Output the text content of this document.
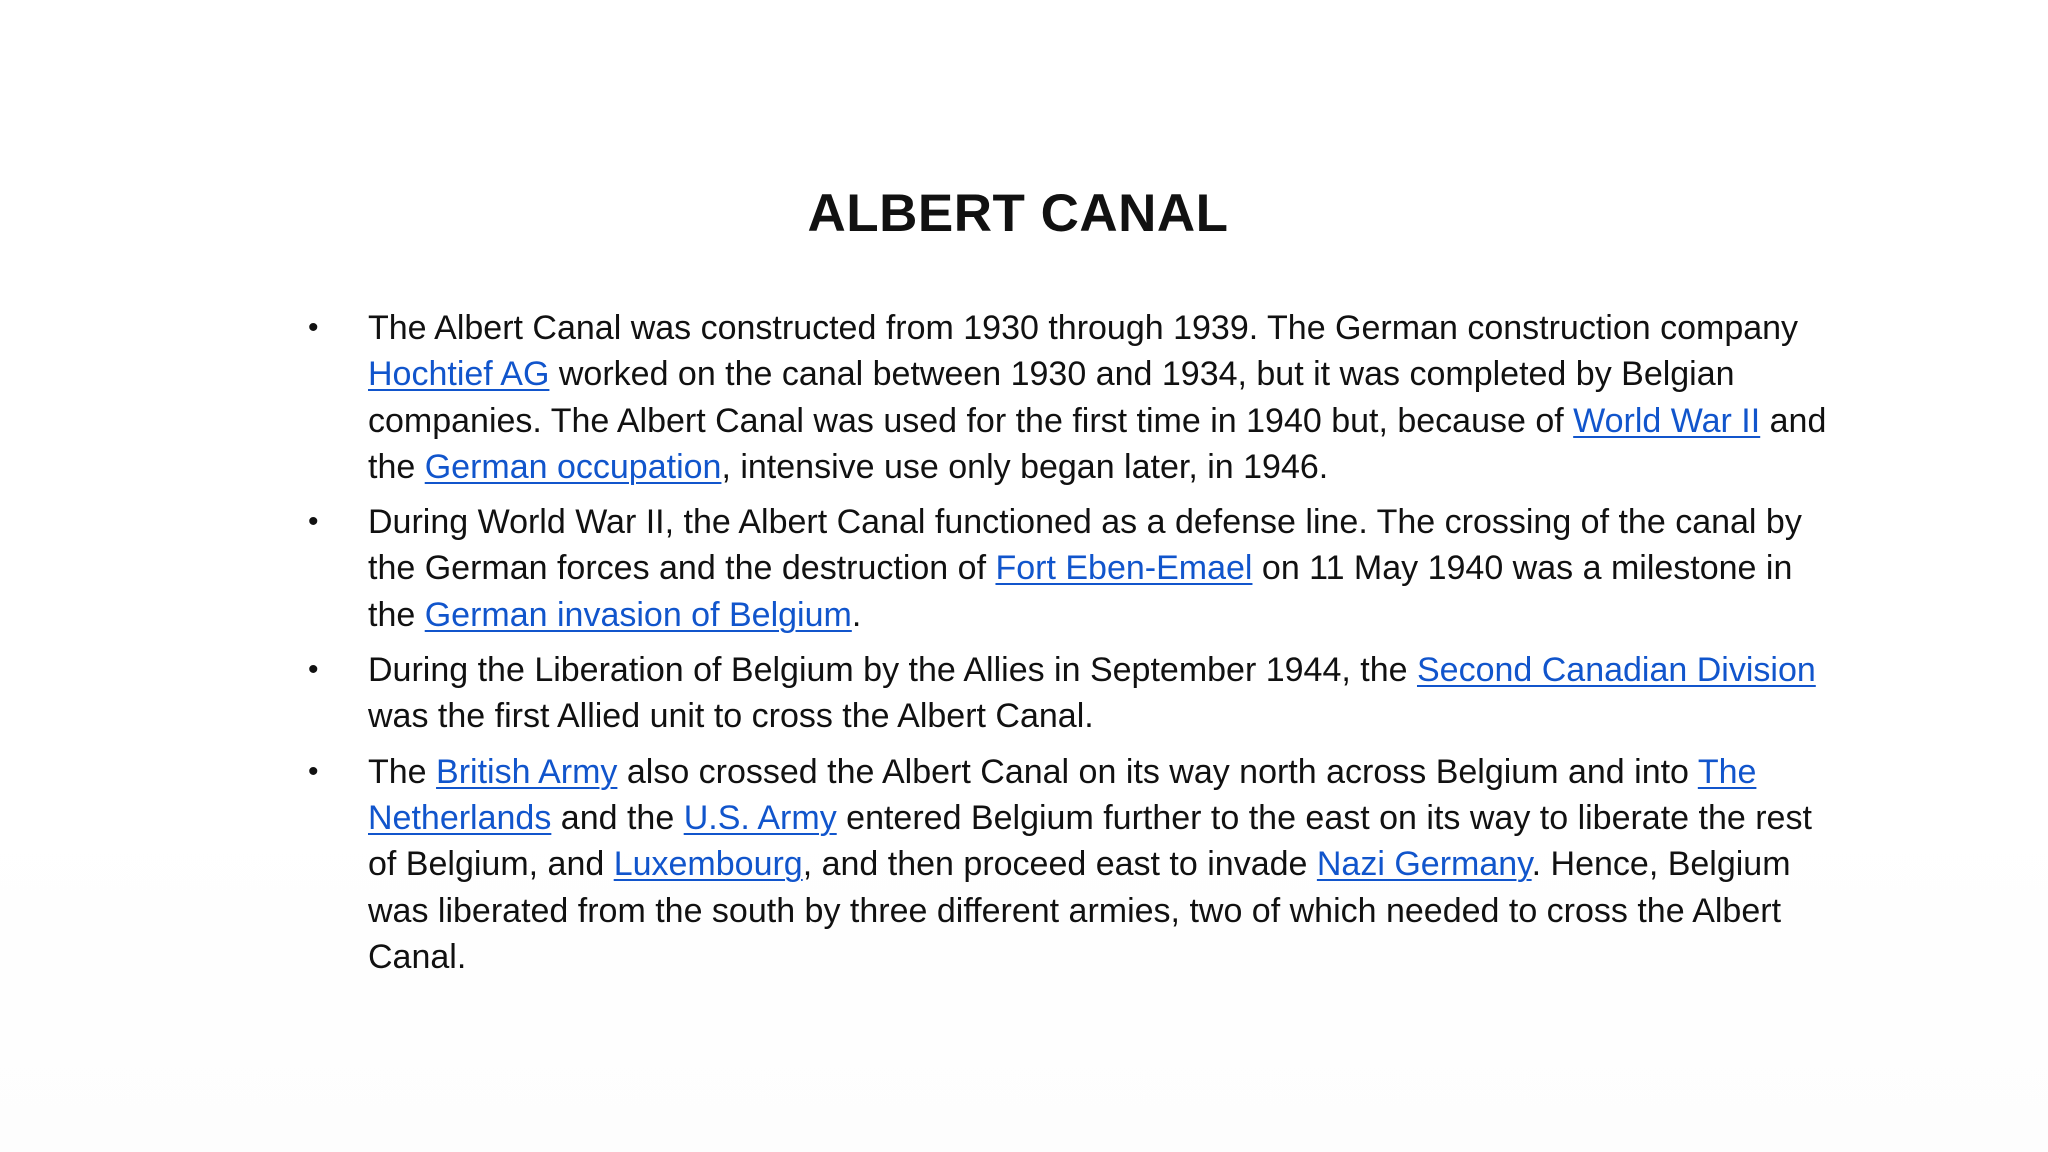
ALBERT CANAL
• The Albert Canal was constructed from 1930 through 1939. The German construction company Hochtief AG worked on the canal between 1930 and 1934, but it was completed by Belgian companies. The Albert Canal was used for the first time in 1940 but, because of World War II and the German occupation, intensive use only began later, in 1946.
• During World War II, the Albert Canal functioned as a defense line. The crossing of the canal by the German forces and the destruction of Fort Eben-Emael on 11 May 1940 was a milestone in the German invasion of Belgium.
• During the Liberation of Belgium by the Allies in September 1944, the Second Canadian Division was the first Allied unit to cross the Albert Canal.
• The British Army also crossed the Albert Canal on its way north across Belgium and into The Netherlands and the U.S. Army entered Belgium further to the east on its way to liberate the rest of Belgium, and Luxembourg, and then proceed east to invade Nazi Germany. Hence, Belgium was liberated from the south by three different armies, two of which needed to cross the Albert Canal.
